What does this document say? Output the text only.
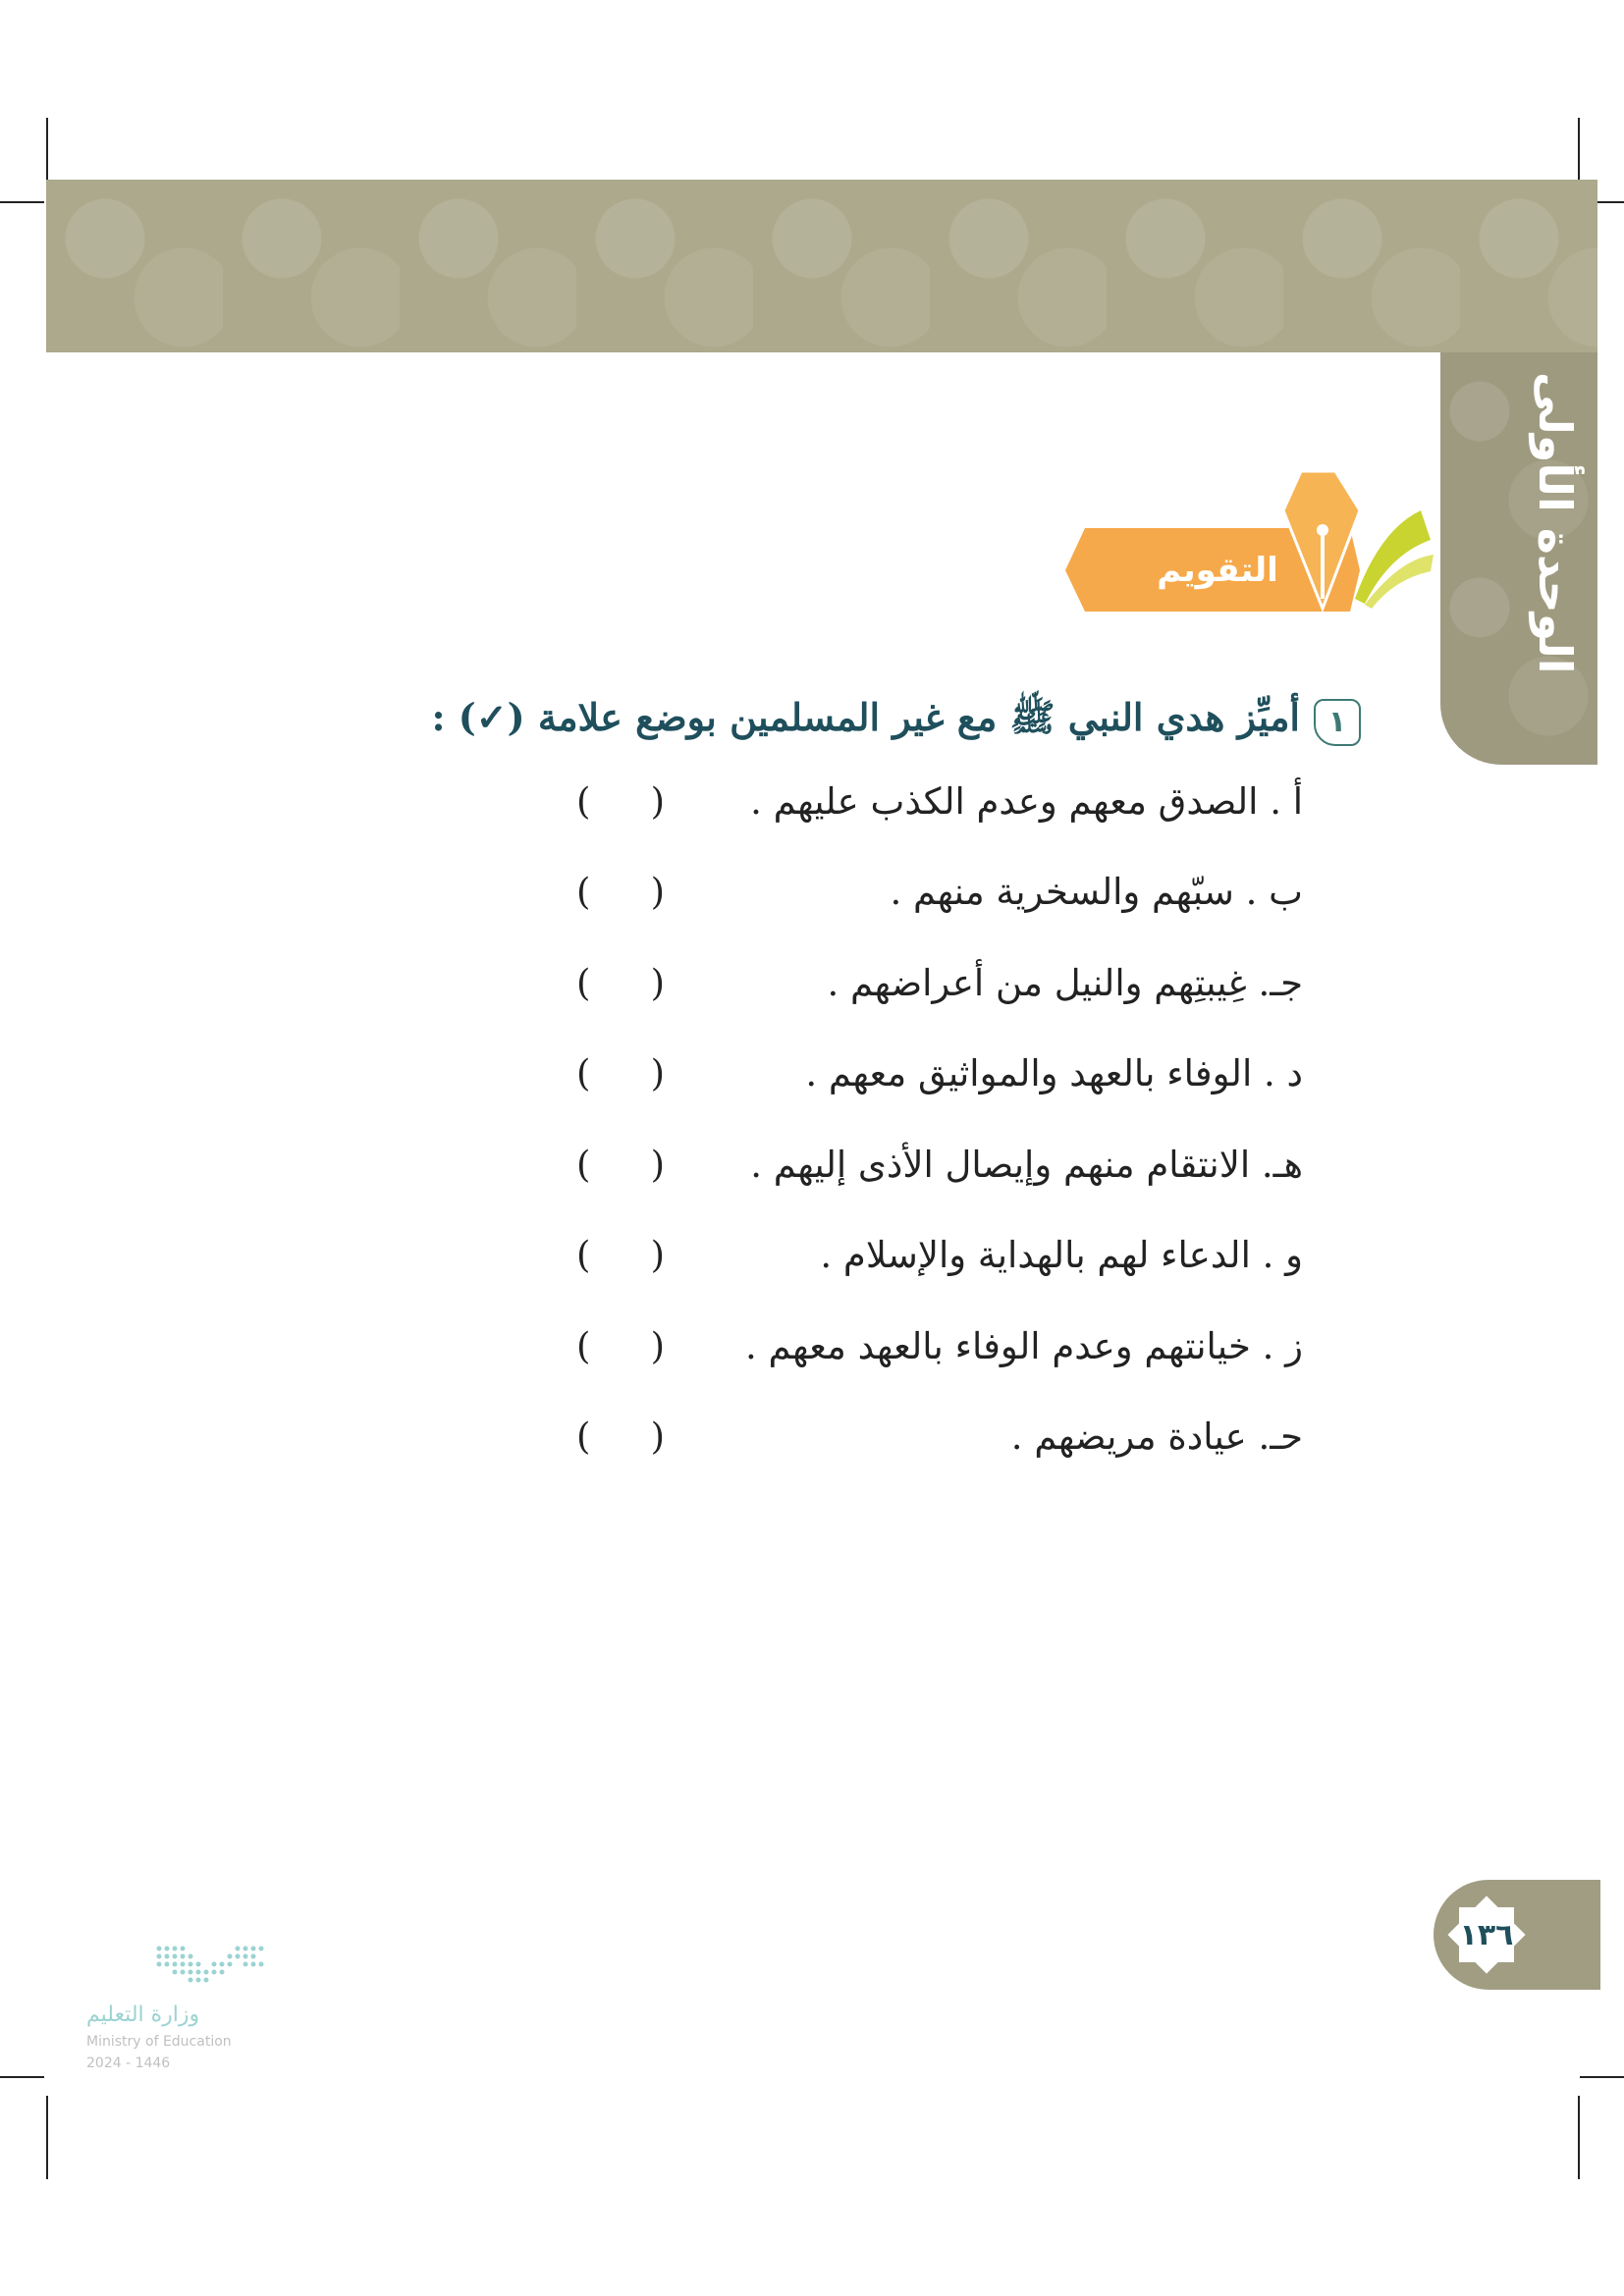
الوحدة الأولى
التقويم
١
أميِّز هدي النبي ﷺ مع غير المسلمين بوضع علامة (✓) :
أ . الصدق معهم وعدم الكذب عليهم .
(
)
ب . سبّهم والسخرية منهم .
(
)
جـ. غِيبتِهم والنيل من أعراضهم .
(
)
د . الوفاء بالعهد والمواثيق معهم .
(
)
هـ. الانتقام منهم وإيصال الأذى إليهم .
(
)
و . الدعاء لهم بالهداية والإسلام .
(
)
ز . خيانتهم وعدم الوفاء بالعهد معهم .
(
)
حـ. عيادة مريضهم .
(
)
١٣٦
وزارة التعليم
Ministry of Education
2024 - 1446
